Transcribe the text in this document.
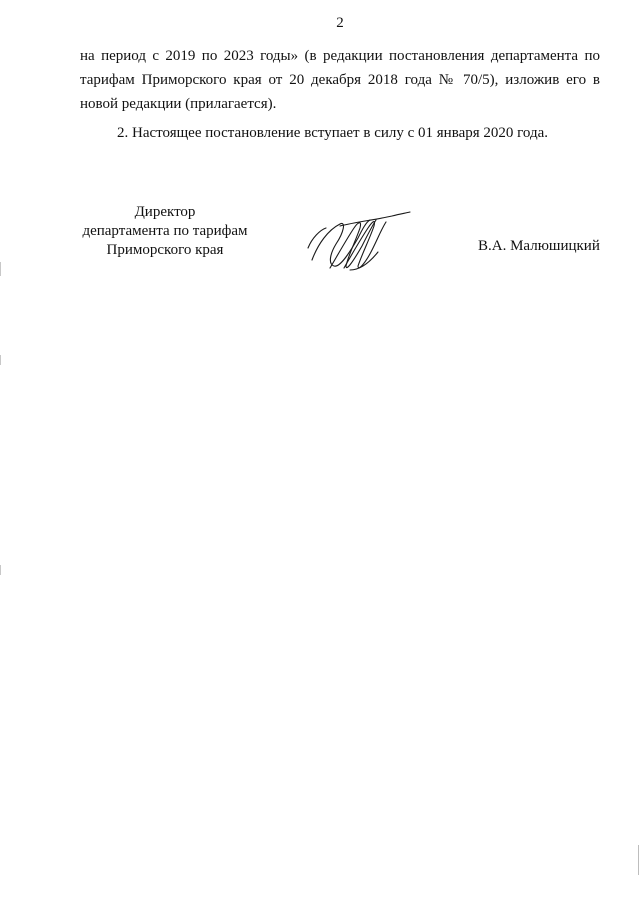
2
на период с 2019 по 2023 годы» (в редакции постановления департамента по
тарифам Приморского края от 20 декабря 2018 года № 70/5), изложив его в
новой редакции (прилагается).
2. Настоящее постановление вступает в силу с 01 января 2020 года.
Директор
департамента по тарифам
Приморского края	В.А. Малюшицкий
